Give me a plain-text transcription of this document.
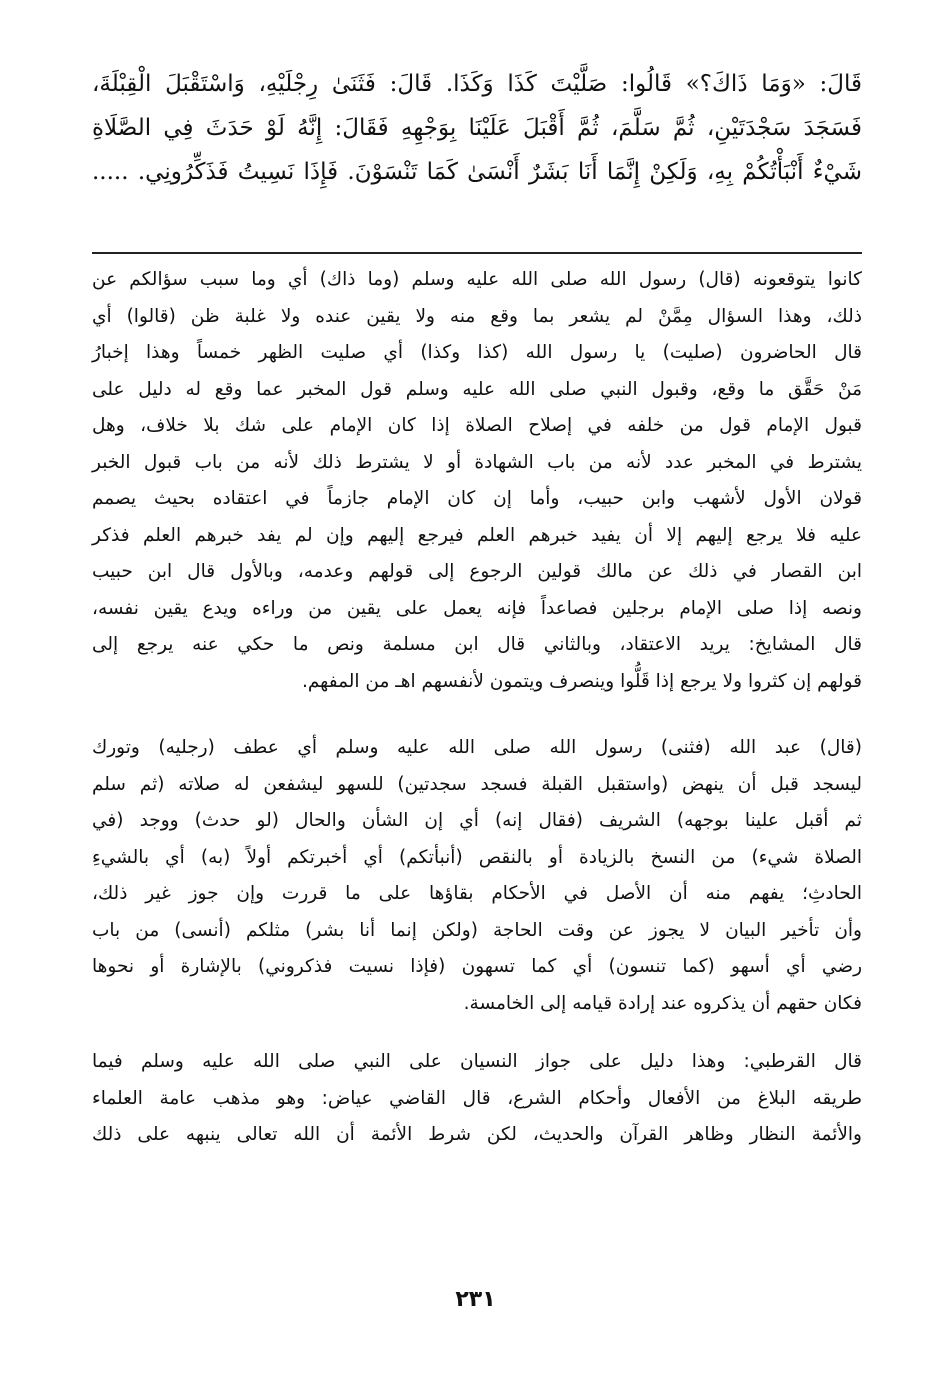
قَالَ: «وَمَا ذَاكَ؟» قَالُوا: صَلَّيْتَ كَذَا وَكَذَا. قَالَ: فَثَنَىٰ رِجْلَيْهِ، وَاسْتَقْبَلَ الْقِبْلَةَ،
فَسَجَدَ سَجْدَتَيْنِ، ثُمَّ سَلَّمَ، ثُمَّ أَقْبَلَ عَلَيْنَا بِوَجْهِهِ فَقَالَ: إِنَّهُ لَوْ حَدَثَ فِي الصَّلَاةِ
شَيْءٌ أَنْبَأْتُكُمْ بِهِ، وَلَكِنْ إِنَّمَا أَنَا بَشَرٌ أَنْسَىٰ كَمَا تَنْسَوْنَ. فَإِذَا نَسِيتُ فَذَكِّرُونِي. .....
كانوا يتوقعونه (قال) رسول الله صلى الله عليه وسلم (وما ذاك) أي وما سبب سؤالكم عن
ذلك، وهذا السؤال مِمَّنْ لم يشعر بما وقع منه ولا يقين عنده ولا غلبة ظن (قالوا) أي
قال الحاضرون (صليت) يا رسول الله (كذا وكذا) أي صليت الظهر خمساً وهذا إخبارُ
مَنْ حَقَّق ما وقع، وقبول النبي صلى الله عليه وسلم قول المخبر عما وقع له دليل على
قبول الإمام قول من خلفه في إصلاح الصلاة إذا كان الإمام على شك بلا خلاف، وهل
يشترط في المخبر عدد لأنه من باب الشهادة أو لا يشترط ذلك لأنه من باب قبول الخبر
قولان الأول لأشهب وابن حبيب، وأما إن كان الإمام جازماً في اعتقاده بحيث يصمم
عليه فلا يرجع إليهم إلا أن يفيد خبرهم العلم فيرجع إليهم وإن لم يفد خبرهم العلم فذكر
ابن القصار في ذلك عن مالك قولين الرجوع إلى قولهم وعدمه، وبالأول قال ابن حبيب
ونصه إذا صلى الإمام برجلين فصاعداً فإنه يعمل على يقين من وراءه ويدع يقين نفسه،
قال المشايخ: يريد الاعتقاد، وبالثاني قال ابن مسلمة ونص ما حكي عنه يرجع إلى
قولهم إن كثروا ولا يرجع إذا قَلُّوا وينصرف ويتمون لأنفسهم اهـ من المفهم.
(قال) عبد الله (فثنى) رسول الله صلى الله عليه وسلم أي عطف (رجليه) وتورك
ليسجد قبل أن ينهض (واستقبل القبلة فسجد سجدتين) للسهو ليشفعن له صلاته (ثم سلم
ثم أقبل علينا بوجهه) الشريف (فقال إنه) أي إن الشأن والحال (لو حدث) ووجد (في
الصلاة شيء) من النسخ بالزيادة أو بالنقص (أنبأتكم) أي أخبرتكم أولاً (به) أي بالشيءِ
الحادثِ؛ يفهم منه أن الأصل في الأحكام بقاؤها على ما قررت وإن جوز غير ذلك،
وأن تأخير البيان لا يجوز عن وقت الحاجة (ولكن إنما أنا بشر) مثلكم (أنسى) من باب
رضي أي أسهو (كما تنسون) أي كما تسهون (فإذا نسيت فذكروني) بالإشارة أو نحوها
فكان حقهم أن يذكروه عند إرادة قيامه إلى الخامسة.
قال القرطبي: وهذا دليل على جواز النسيان على النبي صلى الله عليه وسلم فيما
طريقه البلاغ من الأفعال وأحكام الشرع، قال القاضي عياض: وهو مذهب عامة العلماء
والأئمة النظار وظاهر القرآن والحديث، لكن شرط الأئمة أن الله تعالى ينبهه على ذلك
٢٣١
